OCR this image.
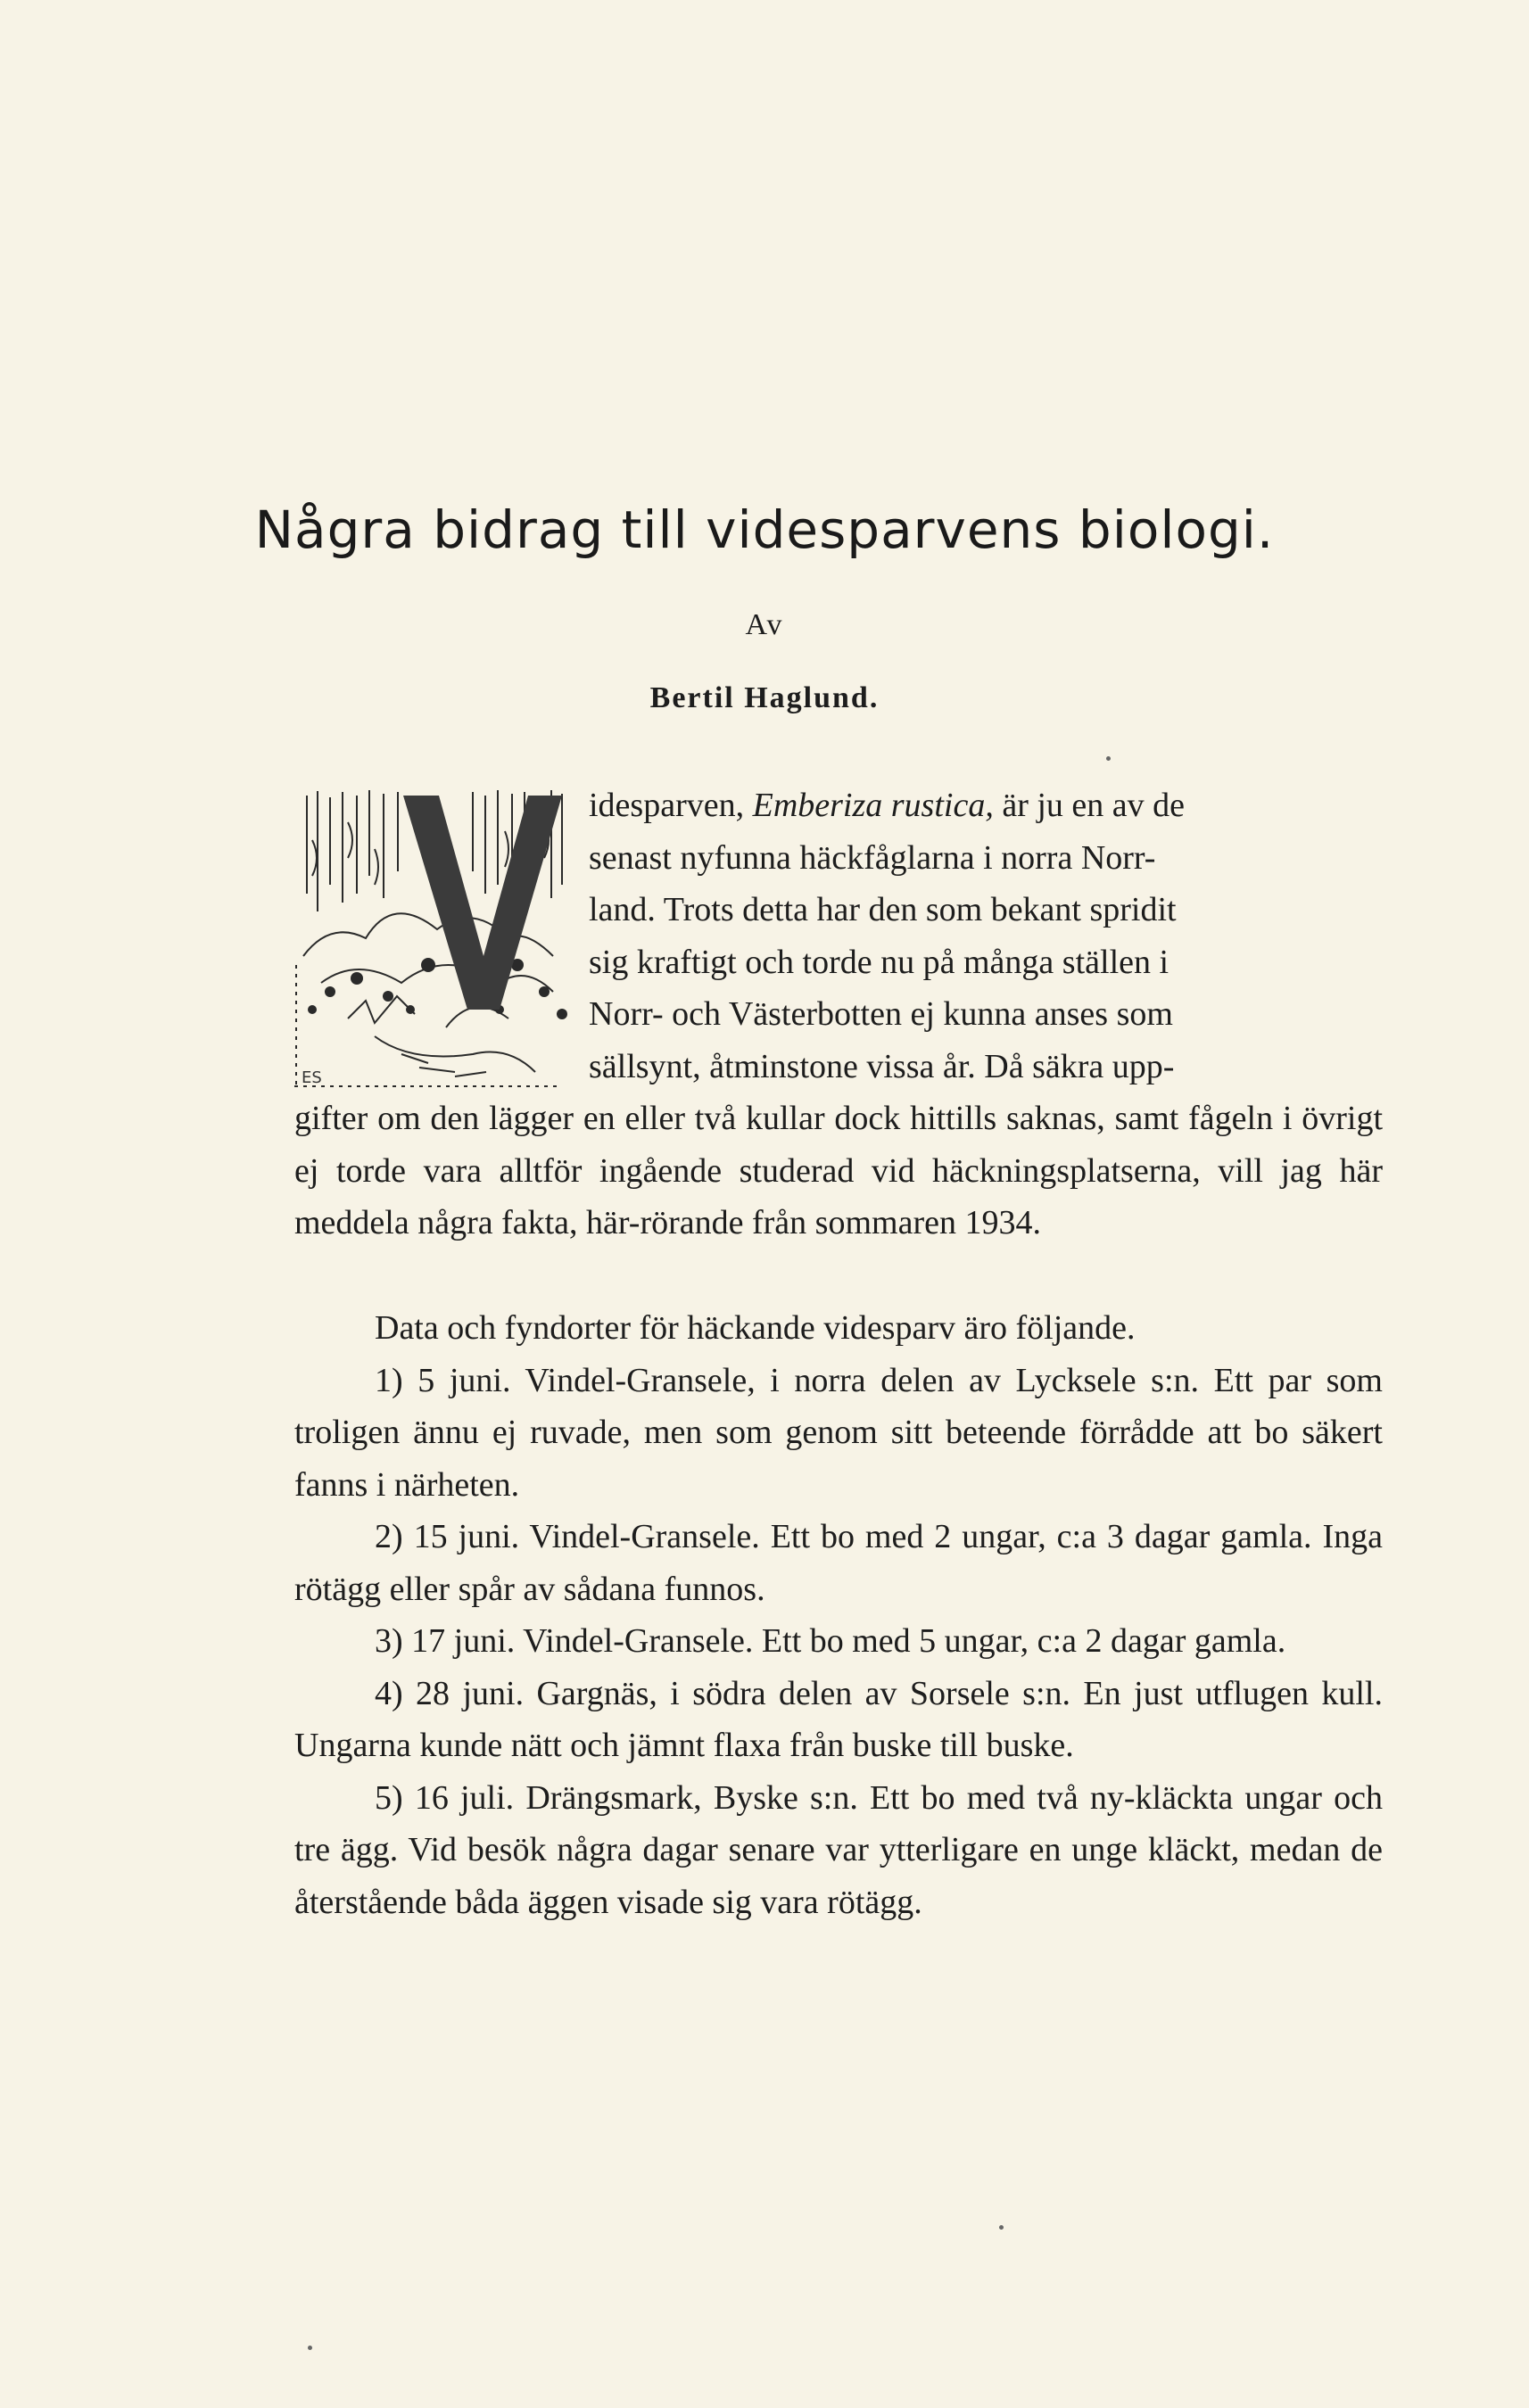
Några bidrag till videsparvens biologi.
Av
Bertil Haglund.
ES
idesparven, Emberiza rustica, är ju en av de
senast nyfunna häckfåglarna i norra Norr-
land. Trots detta har den som bekant spridit
sig kraftigt och torde nu på många ställen i
Norr- och Västerbotten ej kunna anses som
sällsynt, åtminstone vissa år. Då säkra upp-
gifter om den lägger en eller två kullar dock hittills saknas, samt fågeln i övrigt ej torde vara alltför ingående studerad vid häckningsplatserna, vill jag här meddela några fakta, här-rörande från sommaren 1934.

Data och fyndorter för häckande videsparv äro följande.

1) 5 juni. Vindel-Gransele, i norra delen av Lycksele s:n. Ett par som troligen ännu ej ruvade, men som genom sitt beteende förrådde att bo säkert fanns i närheten.

2) 15 juni. Vindel-Gransele. Ett bo med 2 ungar, c:a 3 dagar gamla. Inga rötägg eller spår av sådana funnos.

3) 17 juni. Vindel-Gransele. Ett bo med 5 ungar, c:a 2 dagar gamla.

4) 28 juni. Gargnäs, i södra delen av Sorsele s:n. En just utflugen kull. Ungarna kunde nätt och jämnt flaxa från buske till buske.

5) 16 juli. Drängsmark, Byske s:n. Ett bo med två ny-kläckta ungar och tre ägg. Vid besök några dagar senare var ytterligare en unge kläckt, medan de återstående båda äggen visade sig vara rötägg.
